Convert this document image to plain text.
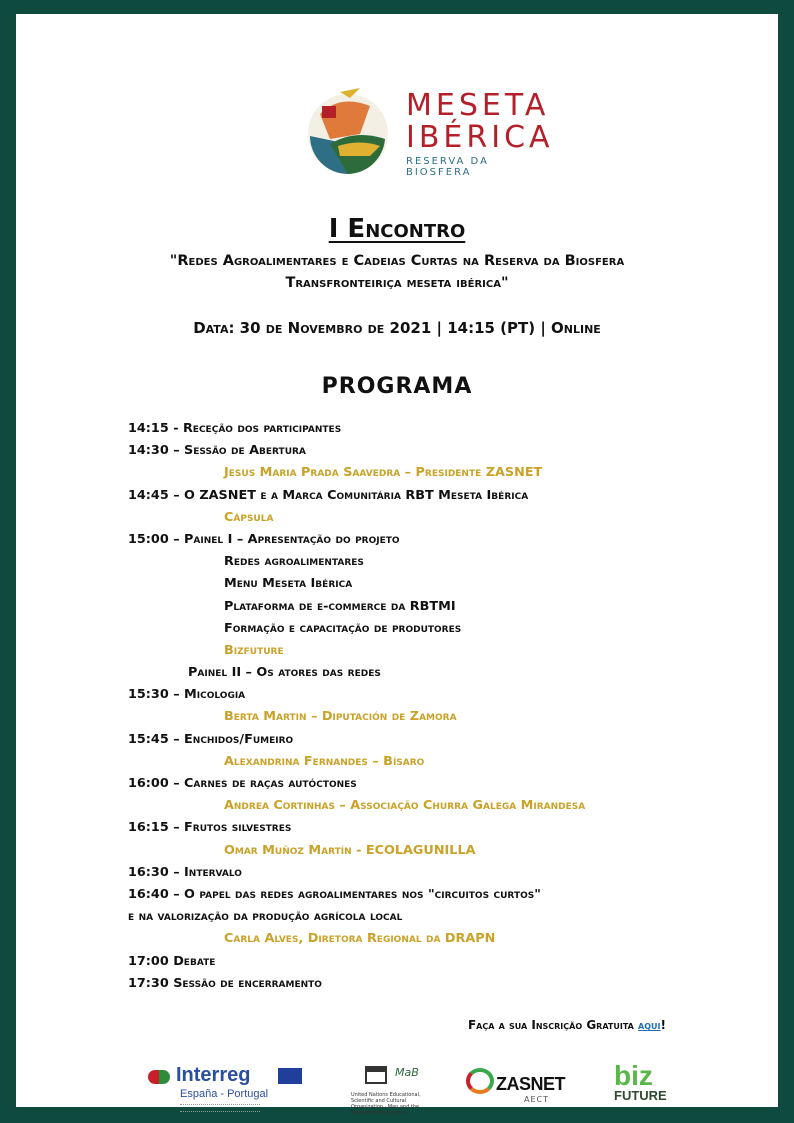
MESETA
IBÉRICA
RESERVA DA BIOSFERA
I Encontro
"Redes Agroalimentares e Cadeias Curtas na Reserva da Biosfera
Transfronteiriça meseta ibérica"
Data: 30 de Novembro de 2021 | 14:15 (PT) | Online
PROGRAMA
14:15 - Receção dos participantes
14:30 – Sessão de Abertura
Jesus Maria Prada Saavedra – Presidente ZASNET
14:45 – O ZASNET e a Marca Comunitária RBT Meseta Ibérica
Cápsula
15:00 – Painel I – Apresentação do projeto
Redes agroalimentares
Menu Meseta Ibérica
Plataforma de e-commerce da RBTMI
Formação e capacitação de produtores
Bizfuture
Painel II – Os atores das redes
15:30 – Micologia
Berta Martin – Diputación de Zamora
15:45 – Enchidos/Fumeiro
Alexandrina Fernandes – Bísaro
16:00 – Carnes de raças autóctones
Andrea Cortinhas – Associação Churra Galega Mirandesa
16:15 – Frutos silvestres
Omar Muñoz Martín - ECOLAGUNILLA
16:30 – Intervalo
16:40 – O papel das redes agroalimentares nos "circuitos curtos"
e na valorização da produção agrícola local
Carla Alves, Diretora Regional da DRAPN
17:00 Debate
17:30 Sessão de encerramento
Faça a sua Inscrição Gratuita aqui!
Interreg
España - Portugal
MaB
United Nations Educational, Scientific and Cultural Organization · Man and the Biosphere Programme
ZASNET
AECT
biz
FUTURE
